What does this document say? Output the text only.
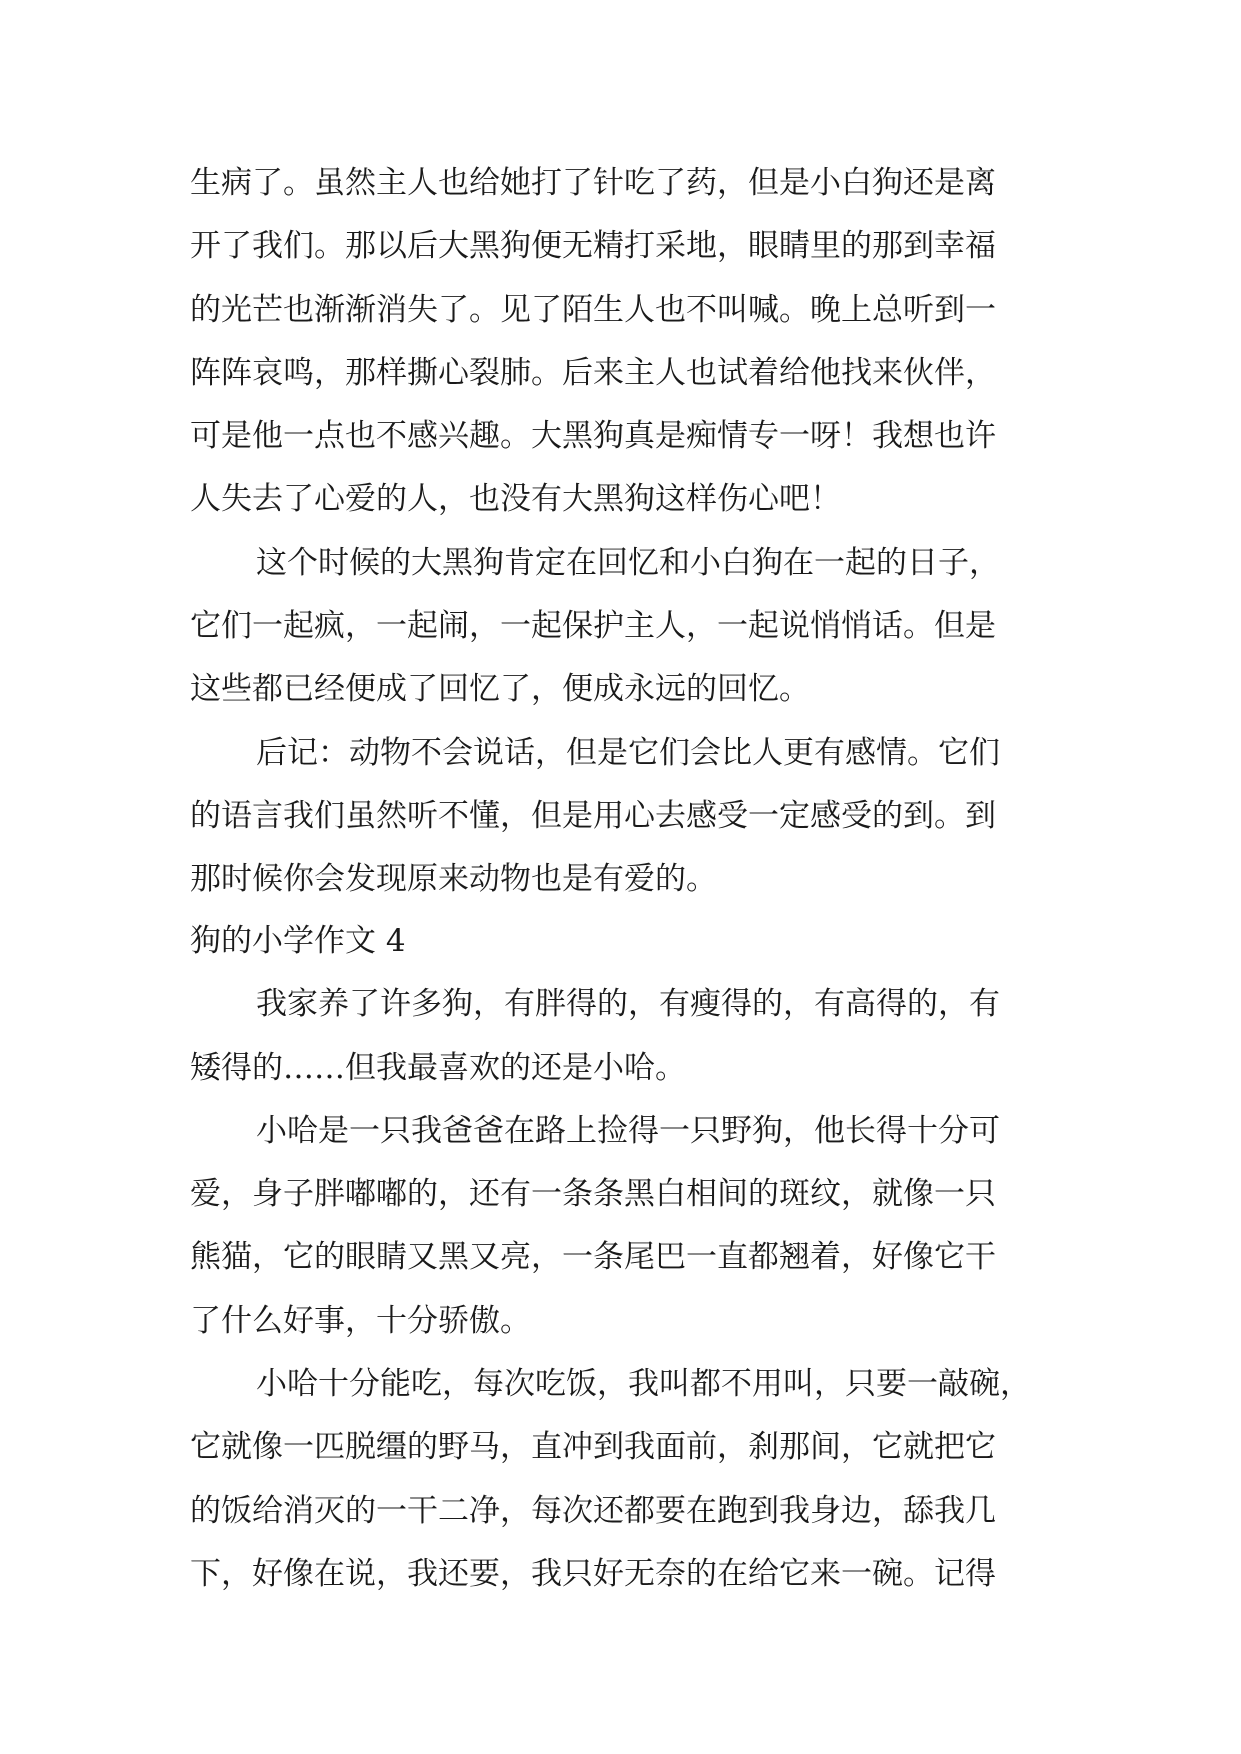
生病了。虽然主人也给她打了针吃了药，但是小白狗还是离
开了我们。那以后大黑狗便无精打采地，眼睛里的那到幸福
的光芒也渐渐消失了。见了陌生人也不叫喊。晚上总听到一
阵阵哀鸣，那样撕心裂肺。后来主人也试着给他找来伙伴，
可是他一点也不感兴趣。大黑狗真是痴情专一呀！我想也许
人失去了心爱的人，也没有大黑狗这样伤心吧！
这个时候的大黑狗肯定在回忆和小白狗在一起的日子，
它们一起疯，一起闹，一起保护主人，一起说悄悄话。但是
这些都已经便成了回忆了，便成永远的回忆。
后记：动物不会说话，但是它们会比人更有感情。它们
的语言我们虽然听不懂，但是用心去感受一定感受的到。到
那时候你会发现原来动物也是有爱的。
狗的小学作文 4
我家养了许多狗，有胖得的，有瘦得的，有高得的，有
矮得的……但我最喜欢的还是小哈。
小哈是一只我爸爸在路上捡得一只野狗，他长得十分可
爱，身子胖嘟嘟的，还有一条条黑白相间的斑纹，就像一只
熊猫，它的眼睛又黑又亮，一条尾巴一直都翘着，好像它干
了什么好事，十分骄傲。
小哈十分能吃，每次吃饭，我叫都不用叫，只要一敲碗，
它就像一匹脱缰的野马，直冲到我面前，刹那间，它就把它
的饭给消灭的一干二净，每次还都要在跑到我身边，舔我几
下，好像在说，我还要，我只好无奈的在给它来一碗。记得
